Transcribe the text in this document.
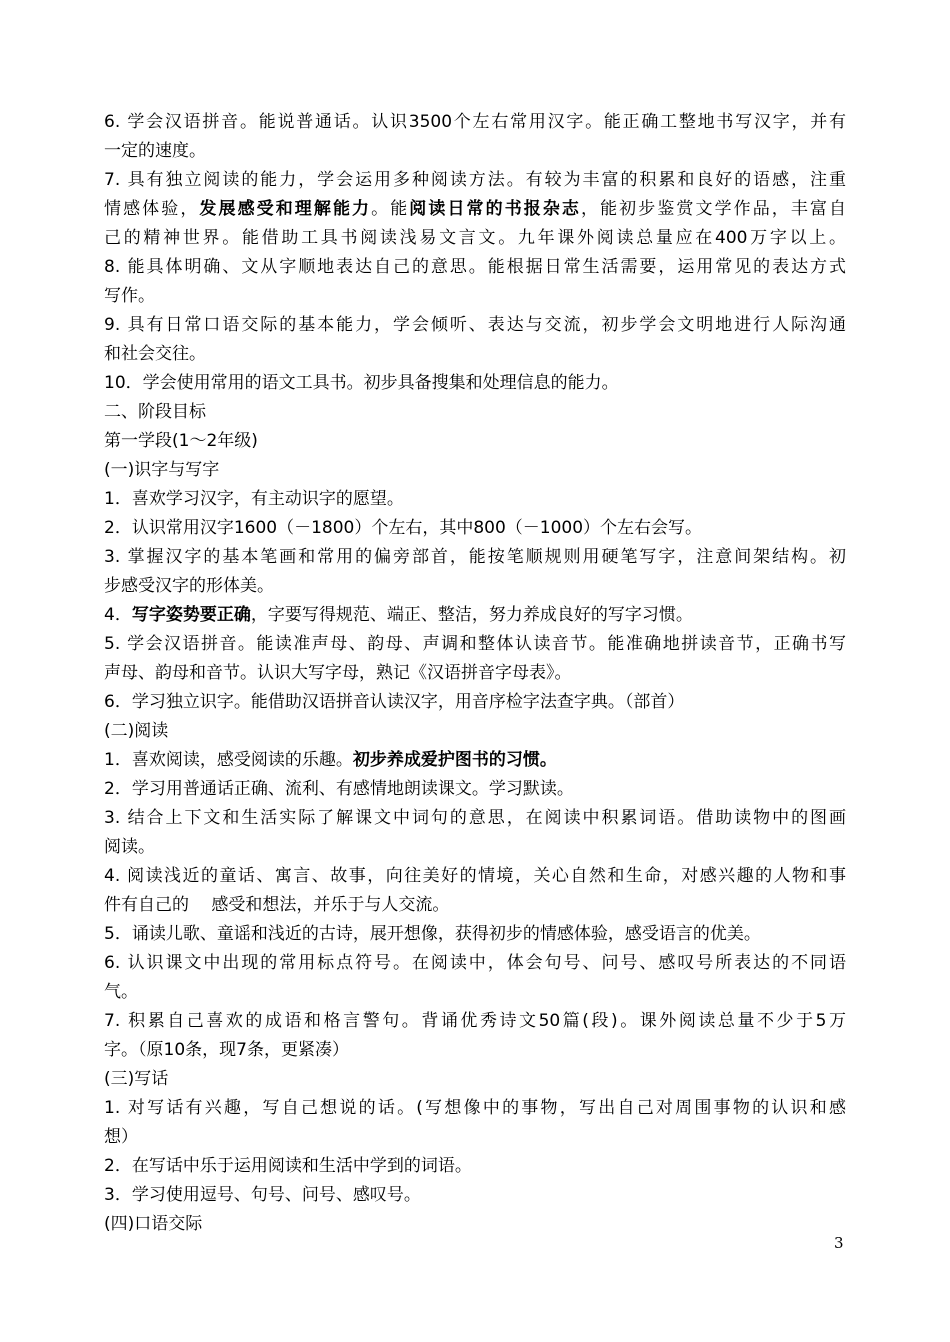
6. 学会汉语拼音。能说普通话。认识3500个左右常用汉字。能正确工整地书写汉字，并有
一定的速度。
7. 具有独立阅读的能力，学会运用多种阅读方法。有较为丰富的积累和良好的语感，注重
情感体验，发展感受和理解能力。能阅读日常的书报杂志，能初步鉴赏文学作品，丰富自
己的精神世界。能借助工具书阅读浅易文言文。九年课外阅读总量应在400万字以上。
8. 能具体明确、文从字顺地表达自己的意思。能根据日常生活需要，运用常见的表达方式
写作。
9. 具有日常口语交际的基本能力，学会倾听、表达与交流，初步学会文明地进行人际沟通
和社会交往。
10．学会使用常用的语文工具书。初步具备搜集和处理信息的能力。
二、阶段目标
第一学段(1～2年级)
(一)识字与写字
1．喜欢学习汉字，有主动识字的愿望。
2．认识常用汉字1600（－1800）个左右，其中800（－1000）个左右会写。
3. 掌握汉字的基本笔画和常用的偏旁部首，能按笔顺规则用硬笔写字，注意间架结构。初
步感受汉字的形体美。
4．写字姿势要正确，字要写得规范、端正、整洁，努力养成良好的写字习惯。
5. 学会汉语拼音。能读准声母、韵母、声调和整体认读音节。能准确地拼读音节，正确书写
声母、韵母和音节。认识大写字母，熟记《汉语拼音字母表》。
6．学习独立识字。能借助汉语拼音认读汉字，用音序检字法查字典。（部首）
(二)阅读
1．喜欢阅读，感受阅读的乐趣。初步养成爱护图书的习惯。
2．学习用普通话正确、流利、有感情地朗读课文。学习默读。
3. 结合上下文和生活实际了解课文中词句的意思，在阅读中积累词语。借助读物中的图画
阅读。
4. 阅读浅近的童话、寓言、故事，向往美好的情境，关心自然和生命，对感兴趣的人物和事
件有自己的　 感受和想法，并乐于与人交流。
5．诵读儿歌、童谣和浅近的古诗，展开想像，获得初步的情感体验，感受语言的优美。
6. 认识课文中出现的常用标点符号。在阅读中，体会句号、问号、感叹号所表达的不同语
气。
7. 积累自己喜欢的成语和格言警句。背诵优秀诗文50篇(段)。课外阅读总量不少于5万
字。（原10条，现7条，更紧凑）
(三)写话
1. 对写话有兴趣，写自己想说的话。(写想像中的事物，写出自己对周围事物的认识和感
想）
2．在写话中乐于运用阅读和生活中学到的词语。
3．学习使用逗号、句号、问号、感叹号。
(四)口语交际
3
